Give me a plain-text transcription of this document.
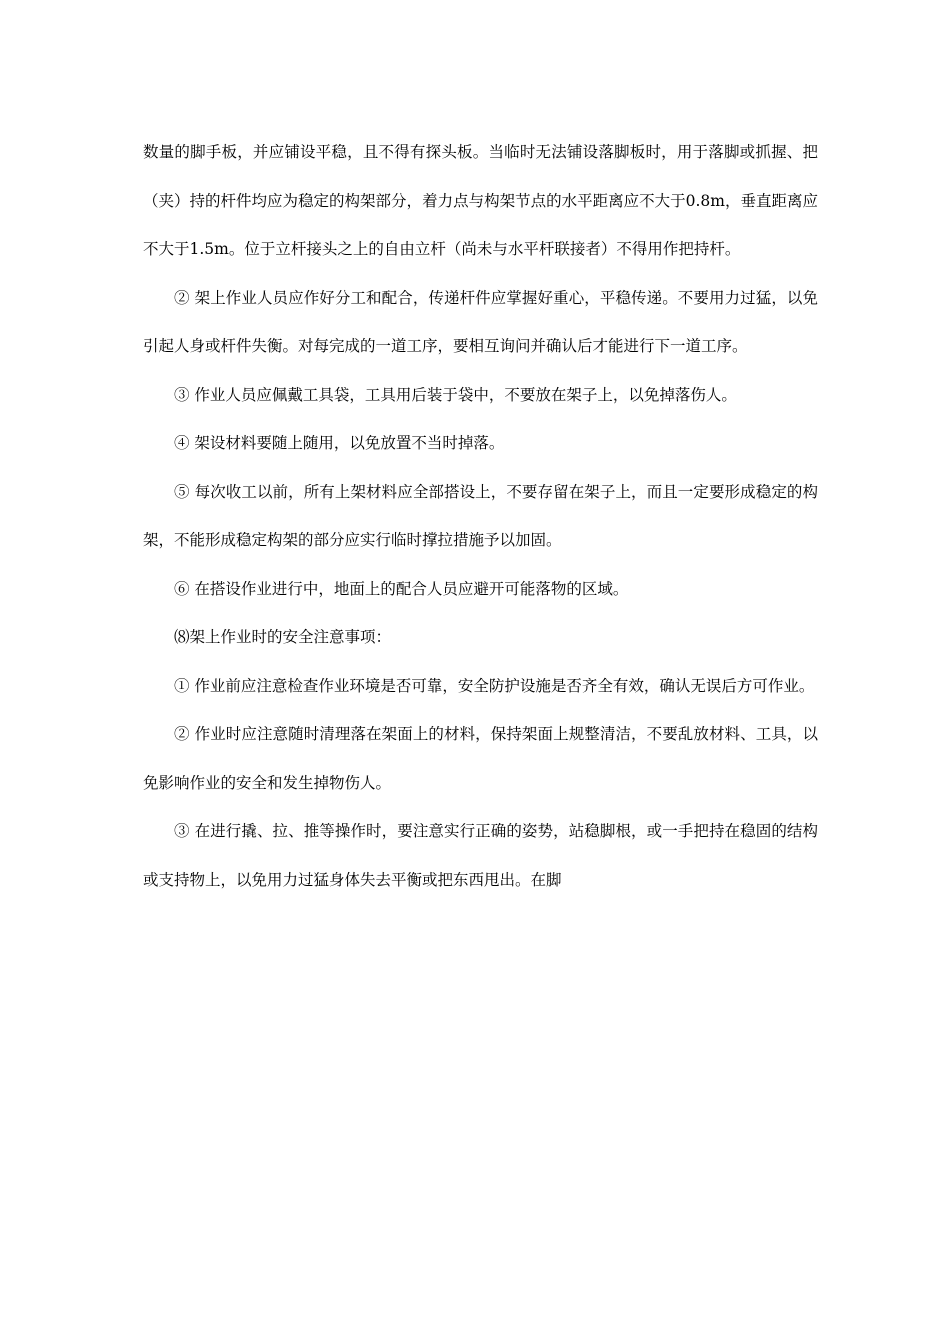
数量的脚手板，并应铺设平稳，且不得有探头板。当临时无法铺设落脚板时，用于落脚或抓握、把（夹）持的杆件均应为稳定的构架部分，着力点与构架节点的水平距离应不大于0.8m，垂直距离应不大于1.5m。位于立杆接头之上的自由立杆（尚未与水平杆联接者）不得用作把持杆。

② 架上作业人员应作好分工和配合，传递杆件应掌握好重心，平稳传递。不要用力过猛，以免引起人身或杆件失衡。对每完成的一道工序，要相互询问并确认后才能进行下一道工序。

③ 作业人员应佩戴工具袋，工具用后装于袋中，不要放在架子上，以免掉落伤人。

④ 架设材料要随上随用，以免放置不当时掉落。

⑤ 每次收工以前，所有上架材料应全部搭设上，不要存留在架子上，而且一定要形成稳定的构架，不能形成稳定构架的部分应实行临时撑拉措施予以加固。

⑥ 在搭设作业进行中，地面上的配合人员应避开可能落物的区域。

⑻架上作业时的安全注意事项：

① 作业前应注意检查作业环境是否可靠，安全防护设施是否齐全有效，确认无误后方可作业。

② 作业时应注意随时清理落在架面上的材料，保持架面上规整清洁，不要乱放材料、工具，以免影响作业的安全和发生掉物伤人。

③ 在进行撬、拉、推等操作时，要注意实行正确的姿势，站稳脚根，或一手把持在稳固的结构或支持物上，以免用力过猛身体失去平衡或把东西甩出。在脚
